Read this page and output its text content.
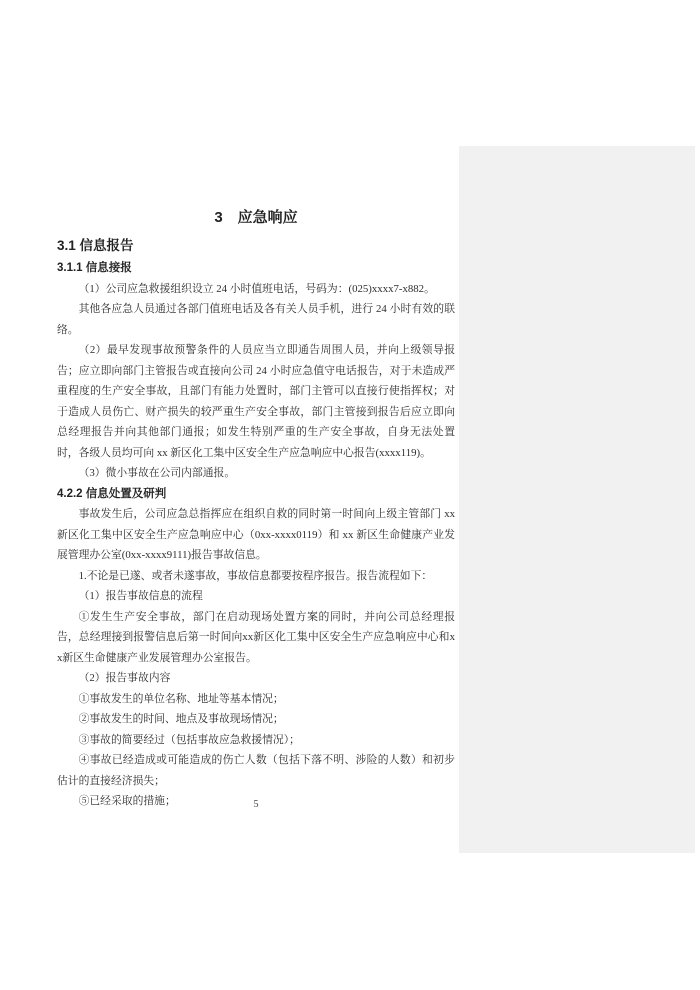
3　应急响应
3.1 信息报告
3.1.1 信息接报

（1）公司应急救援组织设立 24 小时值班电话，号码为：(025)xxxx7-x882。

其他各应急人员通过各部门值班电话及各有关人员手机，进行 24 小时有效的联络。

（2）最早发现事故预警条件的人员应当立即通告周围人员，并向上级领导报告；应立即向部门主管报告或直接向公司 24 小时应急值守电话报告，对于未造成严重程度的生产安全事故，且部门有能力处置时，部门主管可以直接行使指挥权；对于造成人员伤亡、财产损失的较严重生产安全事故，部门主管接到报告后应立即向总经理报告并向其他部门通报；如发生特别严重的生产安全事故，自身无法处置时，各级人员均可向 xx 新区化工集中区安全生产应急响应中心报告(xxxx119)。

（3）微小事故在公司内部通报。

4.2.2 信息处置及研判

事故发生后，公司应急总指挥应在组织自救的同时第一时间向上级主管部门 xx 新区化工集中区安全生产应急响应中心（0xx-xxxx0119）和 xx 新区生命健康产业发展管理办公室(0xx-xxxx9111)报告事故信息。

1.不论是已遂、或者未遂事故，事故信息都要按程序报告。报告流程如下：

（1）报告事故信息的流程

①发生生产安全事故，部门在启动现场处置方案的同时，并向公司总经理报告，总经理接到报警信息后第一时间向xx新区化工集中区安全生产应急响应中心和xx新区生命健康产业发展管理办公室报告。

（2）报告事故内容

①事故发生的单位名称、地址等基本情况；

②事故发生的时间、地点及事故现场情况；

③事故的简要经过（包括事故应急救援情况）；

④事故已经造成或可能造成的伤亡人数（包括下落不明、涉险的人数）和初步估计的直接经济损失；

⑤已经采取的措施；	5
